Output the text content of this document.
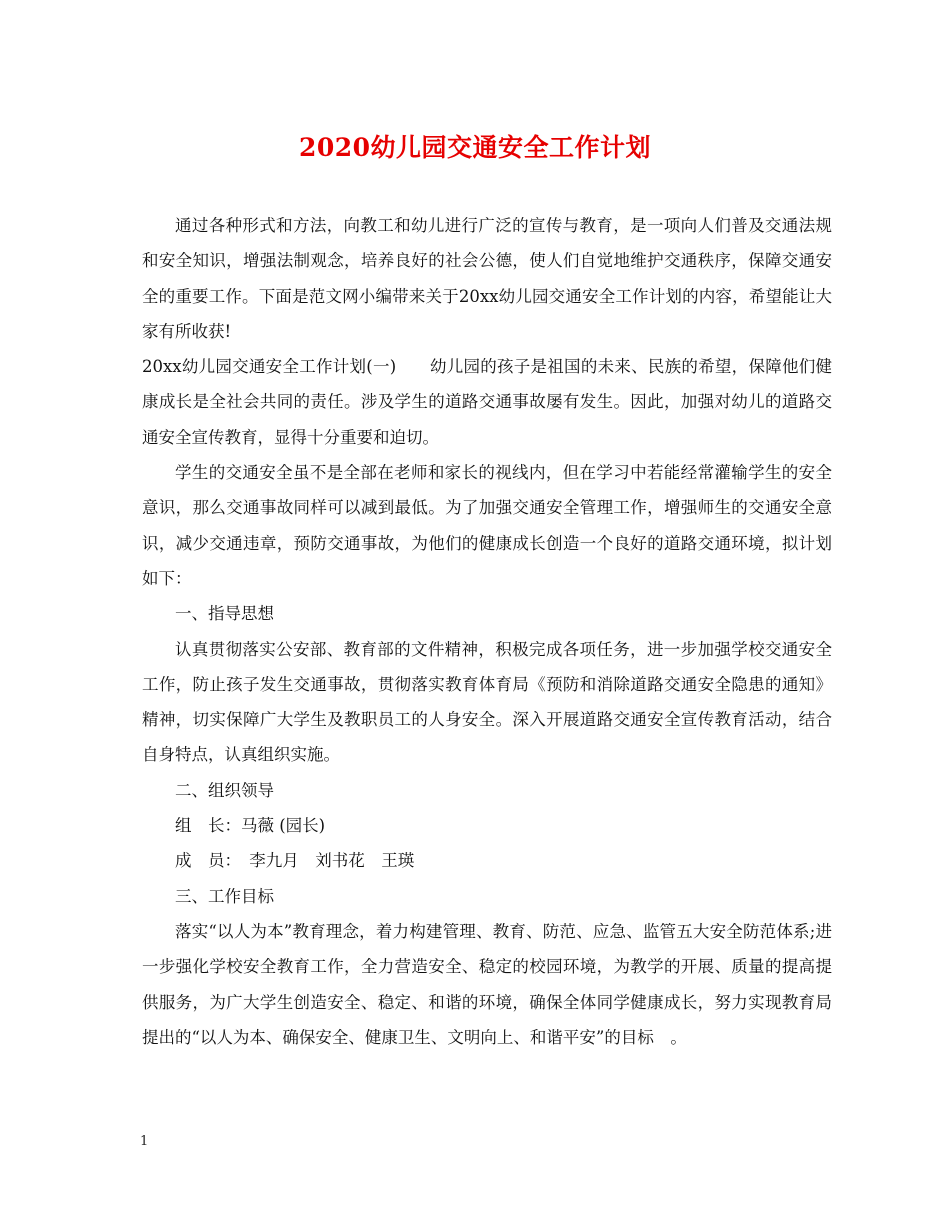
2020幼儿园交通安全工作计划

通过各种形式和方法，向教工和幼儿进行广泛的宣传与教育，是一项向人们普及交通法规和安全知识，增强法制观念，培养良好的社会公德，使人们自觉地维护交通秩序，保障交通安全的重要工作。下面是范文网小编带来关于20xx幼儿园交通安全工作计划的内容，希望能让大家有所收获!

20xx幼儿园交通安全工作计划(一)　　幼儿园的孩子是祖国的未来、民族的希望，保障他们健康成长是全社会共同的责任。涉及学生的道路交通事故屡有发生。因此，加强对幼儿的道路交通安全宣传教育，显得十分重要和迫切。

学生的交通安全虽不是全部在老师和家长的视线内，但在学习中若能经常灌输学生的安全意识，那么交通事故同样可以减到最低。为了加强交通安全管理工作，增强师生的交通安全意识，减少交通违章，预防交通事故，为他们的健康成长创造一个良好的道路交通环境，拟计划如下：

一、指导思想

认真贯彻落实公安部、教育部的文件精神，积极完成各项任务，进一步加强学校交通安全工作，防止孩子发生交通事故，贯彻落实教育体育局《预防和消除道路交通安全隐患的通知》精神，切实保障广大学生及教职员工的人身安全。深入开展道路交通安全宣传教育活动，结合自身特点，认真组织实施。

二、组织领导

组　长：马薇 (园长)

成　员：　李九月　刘书花　王瑛

三、工作目标

落实“以人为本”教育理念，着力构建管理、教育、防范、应急、监管五大安全防范体系;进一步强化学校安全教育工作，全力营造安全、稳定的校园环境，为教学的开展、质量的提高提供服务，为广大学生创造安全、稳定、和谐的环境，确保全体同学健康成长，努力实现教育局提出的“以人为本、确保安全、健康卫生、文明向上、和谐平安”的目标　。

1
